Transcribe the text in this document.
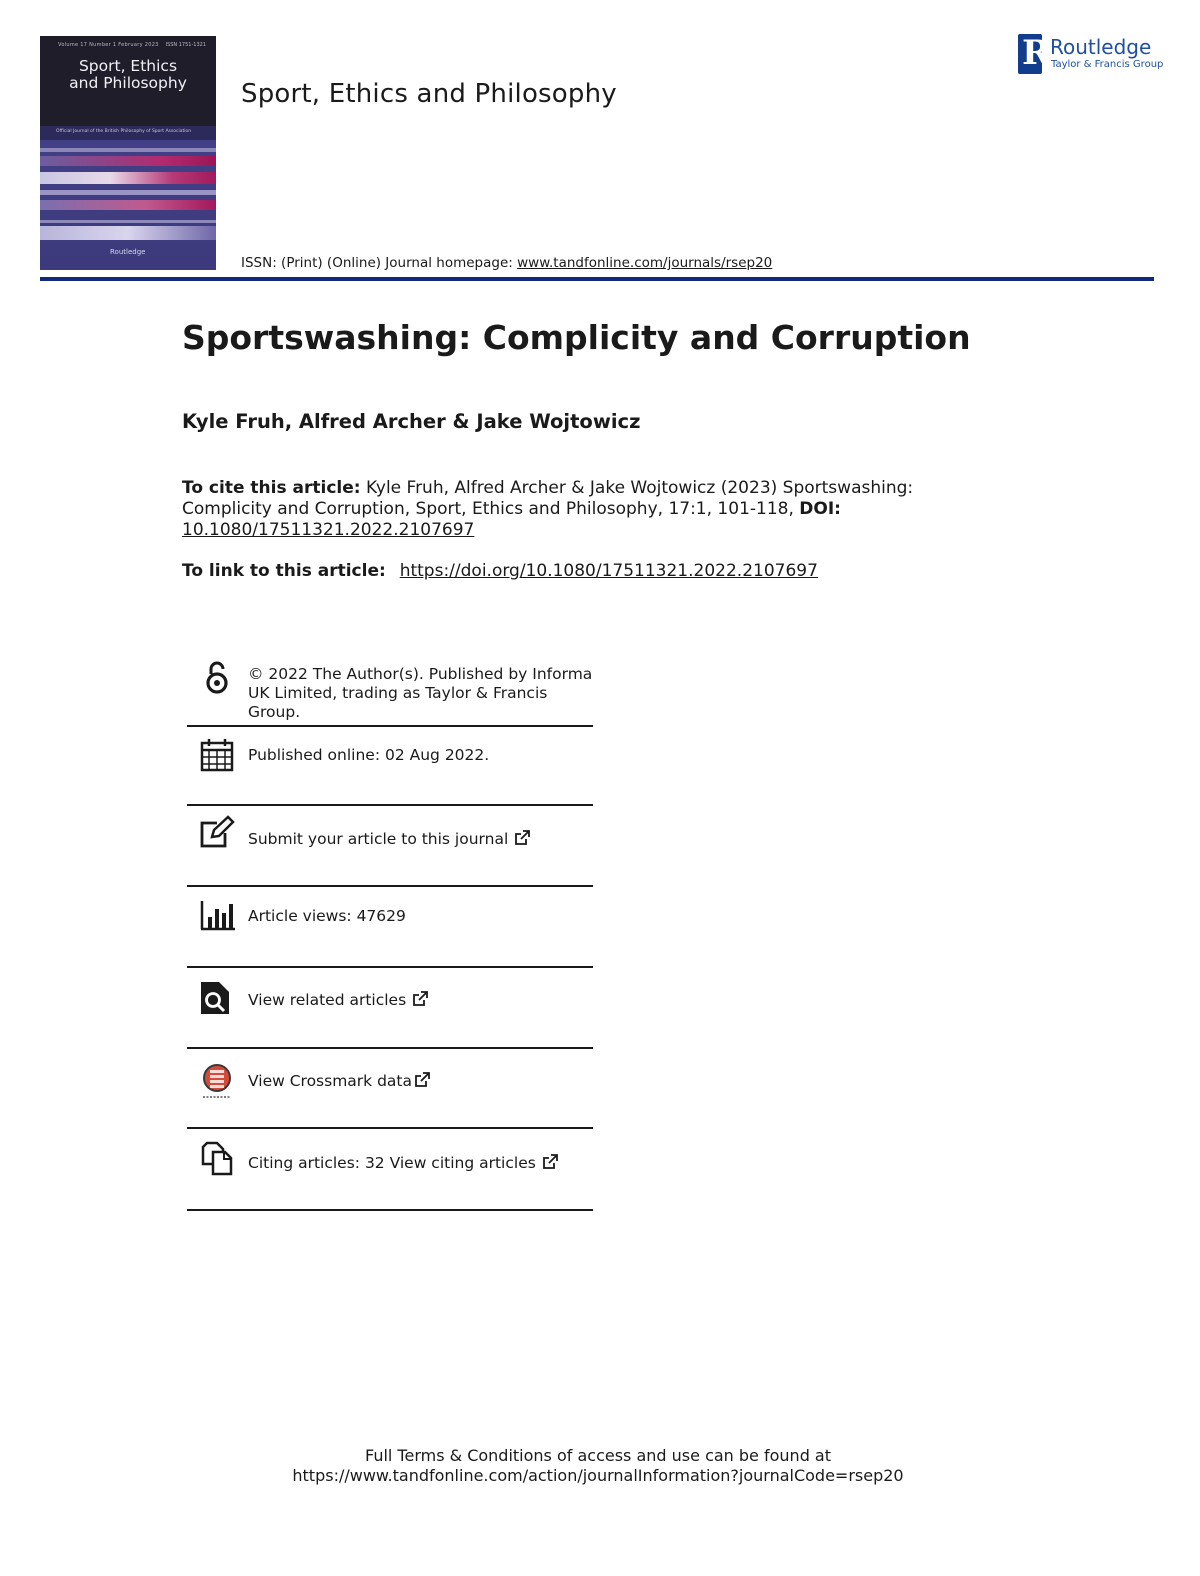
Volume 17 Number 1 February 2023 ISSN 1751-1321
Sport, Ethics
and Philosophy
Official Journal of the British Philosophy of Sport Association
Routledge
Sport, Ethics and Philosophy
ISSN: (Print) (Online) Journal homepage: www.tandfonline.com/journals/rsep20
R Routledge
Taylor & Francis Group
Sportswashing: Complicity and Corruption
Kyle Fruh, Alfred Archer & Jake Wojtowicz
To cite this article: Kyle Fruh, Alfred Archer & Jake Wojtowicz (2023) Sportswashing: Complicity and Corruption, Sport, Ethics and Philosophy, 17:1, 101-118, DOI:
10.1080/17511321.2022.2107697
To link to this article: https://doi.org/10.1080/17511321.2022.2107697
© 2022 The Author(s). Published by Informa UK Limited, trading as Taylor & Francis Group.
Published online: 02 Aug 2022.
Submit your article to this journal
Article views: 47629
View related articles
View Crossmark data
Citing articles: 32 View citing articles
Full Terms & Conditions of access and use can be found at
https://www.tandfonline.com/action/journalInformation?journalCode=rsep20
